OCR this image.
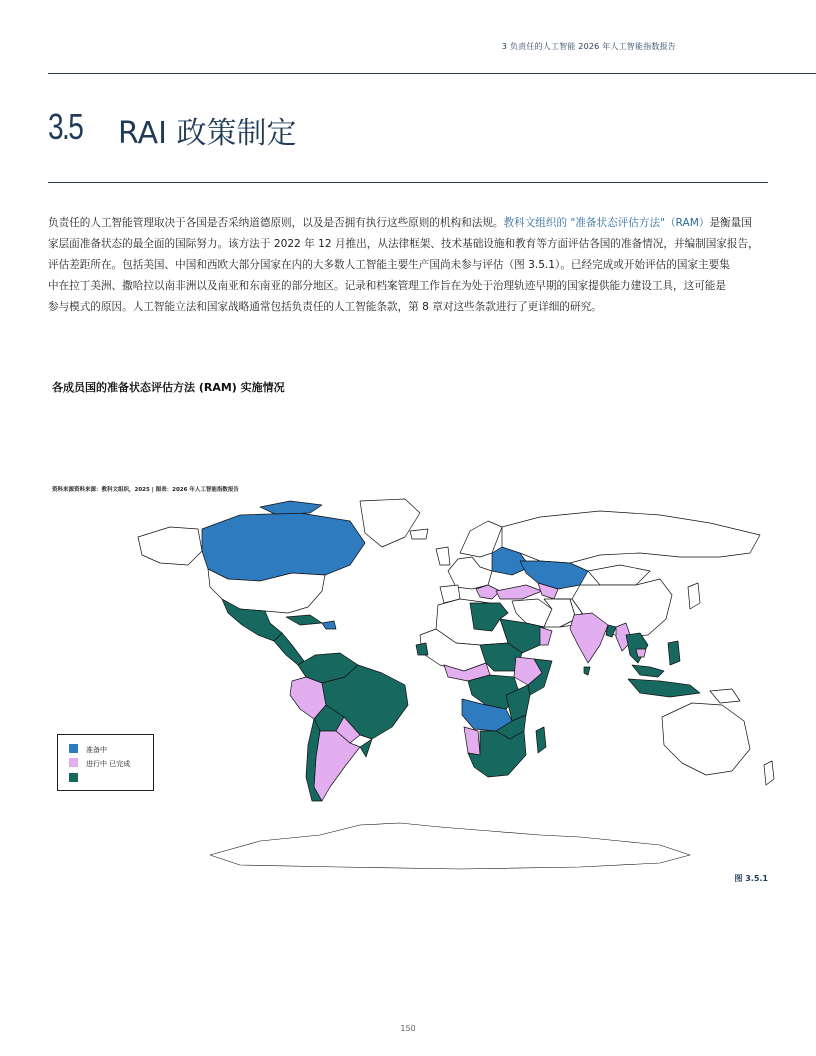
3 负责任的人工智能 2026 年人工智能指数报告
3.5 RAI 政策制定
负责任的人工智能管理取决于各国是否采纳道德原则，以及是否拥有执行这些原则的机构和法规。教科文组织的 "准备状态评估方法"（RAM）是衡量国
家层面准备状态的最全面的国际努力。该方法于 2022 年 12 月推出，从法律框架、技术基础设施和教育等方面评估各国的准备情况，并编制国家报告，
评估差距所在。包括美国、中国和西欧大部分国家在内的大多数人工智能主要生产国尚未参与评估（图 3.5.1）。已经完成或开始评估的国家主要集
中在拉丁美洲、撒哈拉以南非洲以及南亚和东南亚的部分地区。记录和档案管理工作旨在为处于治理轨迹早期的国家提供能力建设工具，这可能是
参与模式的原因。人工智能立法和国家战略通常包括负责任的人工智能条款，第 8 章对这些条款进行了更详细的研究。
各成员国的准备状态评估方法 (RAM) 实施情况
资料来源资料来源：教科文组织，2025 | 图表：2026 年人工智能指数报告
准备中
进行中 已完成
图 3.5.1
150
